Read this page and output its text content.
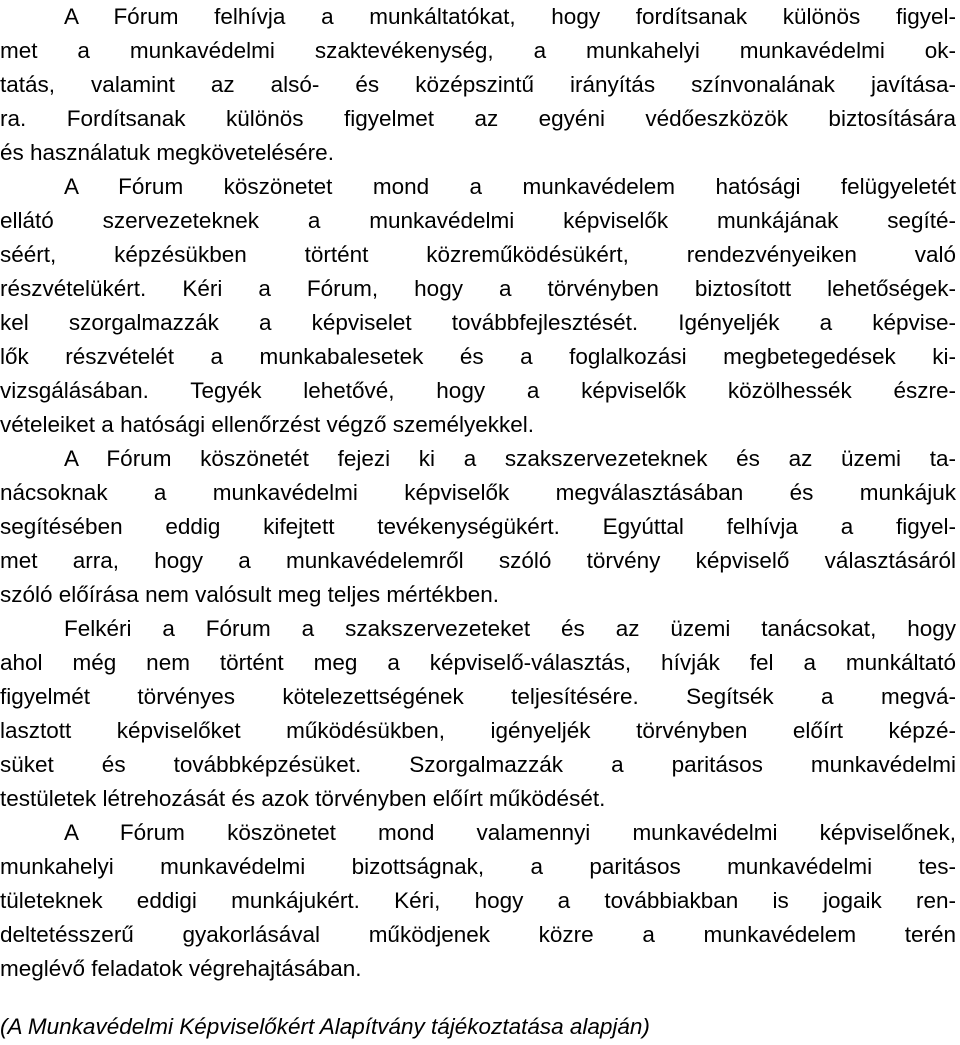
A Fórum felhívja a munkáltatókat, hogy fordítsanak különös figyel-
met a munkavédelmi szaktevékenység, a munkahelyi munkavédelmi ok-
tatás, valamint az alsó- és középszintű irányítás színvonalának javítása-
ra. Fordítsanak különös figyelmet az egyéni védőeszközök biztosítására
és használatuk megkövetelésére.
A Fórum köszönetet mond a munkavédelem hatósági felügyeletét
ellátó szervezeteknek a munkavédelmi képviselők munkájának segíté-
séért, képzésükben történt közreműködésükért, rendezvényeiken való
részvételükért. Kéri a Fórum, hogy a törvényben biztosított lehetőségek-
kel szorgalmazzák a képviselet továbbfejlesztését. Igényeljék a képvise-
lők részvételét a munkabalesetek és a foglalkozási megbetegedések ki-
vizsgálásában. Tegyék lehetővé, hogy a képviselők közölhessék észre-
vételeiket a hatósági ellenőrzést végző személyekkel.
A Fórum köszönetét fejezi ki a szakszervezeteknek és az üzemi ta-
nácsoknak a munkavédelmi képviselők megválasztásában és munkájuk
segítésében eddig kifejtett tevékenységükért. Egyúttal felhívja a figyel-
met arra, hogy a munkavédelemről szóló törvény képviselő választásáról
szóló előírása nem valósult meg teljes mértékben.
Felkéri a Fórum a szakszervezeteket és az üzemi tanácsokat, hogy
ahol még nem történt meg a képviselő-választás, hívják fel a munkáltató
figyelmét törvényes kötelezettségének teljesítésére. Segítsék a megvá-
lasztott képviselőket működésükben, igényeljék törvényben előírt képzé-
süket és továbbképzésüket. Szorgalmazzák a paritásos munkavédelmi
testületek létrehozását és azok törvényben előírt működését.
A Fórum köszönetet mond valamennyi munkavédelmi képviselőnek,
munkahelyi munkavédelmi bizottságnak, a paritásos munkavédelmi tes-
tületeknek eddigi munkájukért. Kéri, hogy a továbbiakban is jogaik ren-
deltetésszerű gyakorlásával működjenek közre a munkavédelem terén
meglévő feladatok végrehajtásában.
(A Munkavédelmi Képviselőkért Alapítvány tájékoztatása alapján)
